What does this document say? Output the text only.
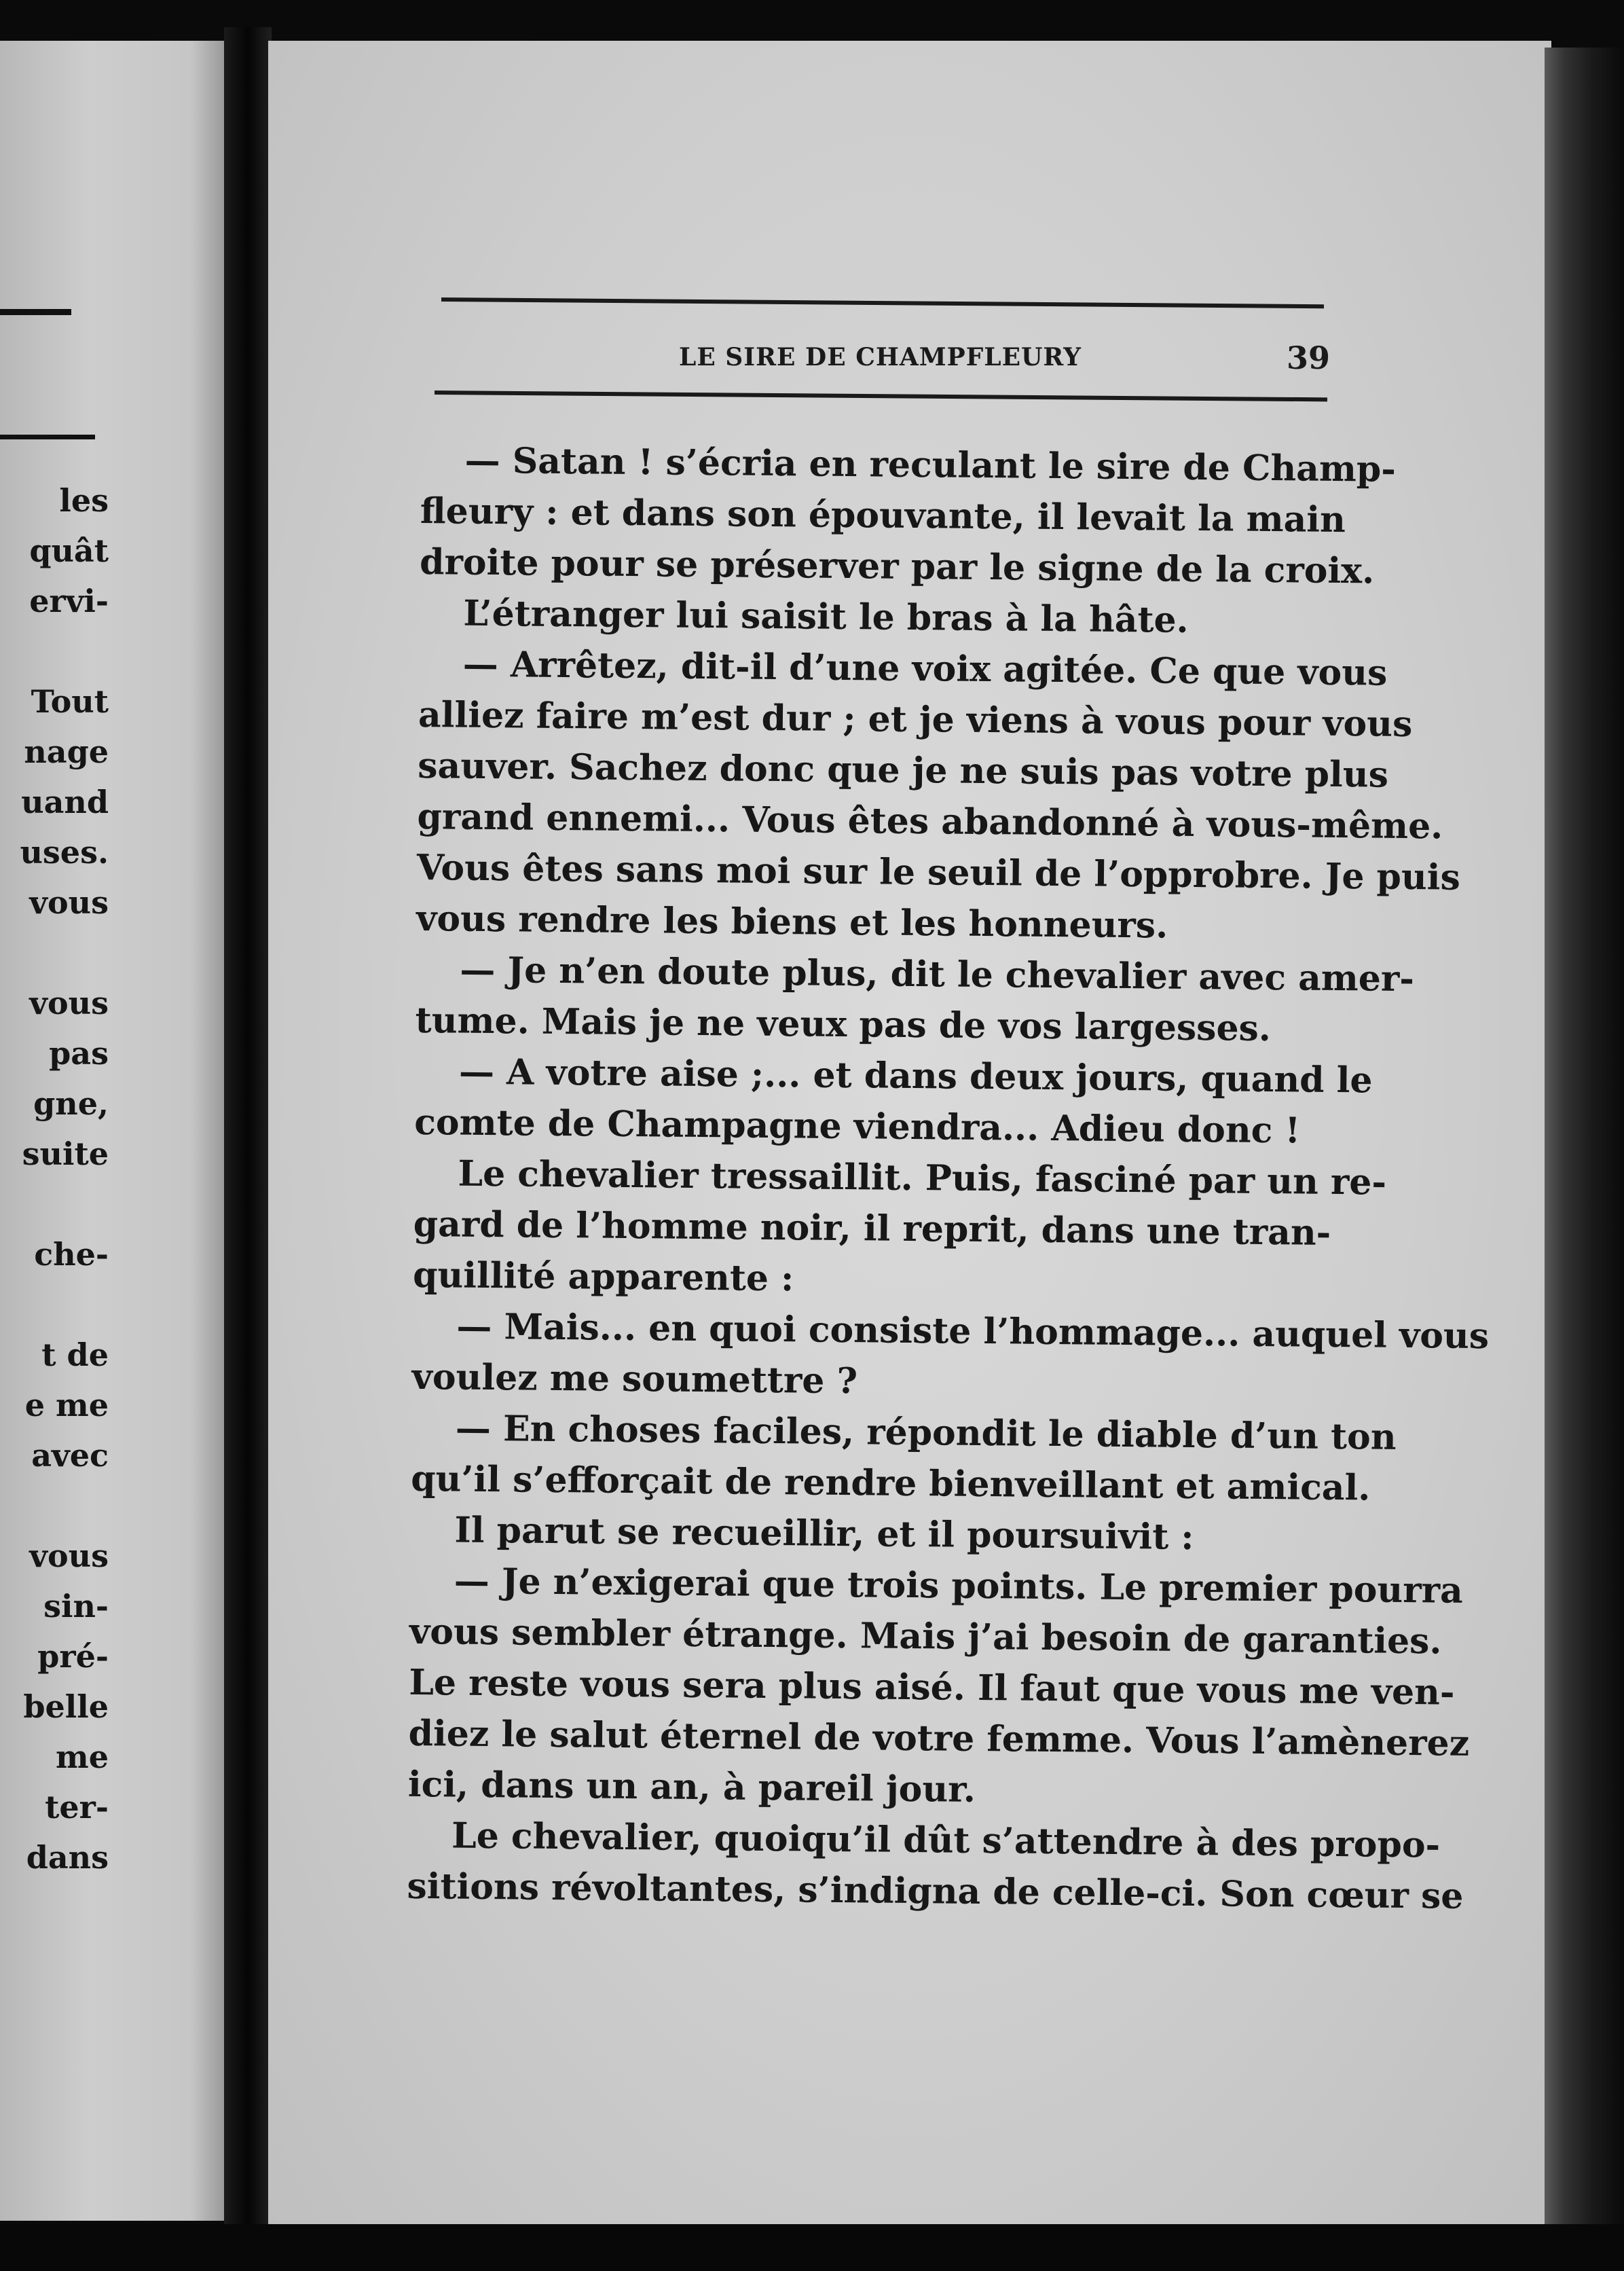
les
quât
ervi-
Tout
nage
uand
uses.
vous
vous
pas
gne,
suite
che-
t de
e me
avec
vous
sin-
pré-
belle
me
ter-
dans
LE SIRE DE CHAMPFLEURY	39
— Satan ! s’écria en reculant le sire de Champ-
fleury : et dans son épouvante, il levait la main
droite pour se préserver par le signe de la croix.
L’étranger lui saisit le bras à la hâte.
— Arrêtez, dit-il d’une voix agitée. Ce que vous
alliez faire m’est dur ; et je viens à vous pour vous
sauver. Sachez donc que je ne suis pas votre plus
grand ennemi... Vous êtes abandonné à vous-même.
Vous êtes sans moi sur le seuil de l’opprobre. Je puis
vous rendre les biens et les honneurs.
— Je n’en doute plus, dit le chevalier avec amer-
tume. Mais je ne veux pas de vos largesses.
— A votre aise ;... et dans deux jours, quand le
comte de Champagne viendra... Adieu donc !
Le chevalier tressaillit. Puis, fasciné par un re-
gard de l’homme noir, il reprit, dans une tran-
quillité apparente :
— Mais... en quoi consiste l’hommage... auquel vous
voulez me soumettre ?
— En choses faciles, répondit le diable d’un ton
qu’il s’efforçait de rendre bienveillant et amical.
Il parut se recueillir, et il poursuivit :
— Je n’exigerai que trois points. Le premier pourra
vous sembler étrange. Mais j’ai besoin de garanties.
Le reste vous sera plus aisé. Il faut que vous me ven-
diez le salut éternel de votre femme. Vous l’amènerez
ici, dans un an, à pareil jour.
Le chevalier, quoiqu’il dût s’attendre à des propo-
sitions révoltantes, s’indigna de celle-ci. Son cœur se
